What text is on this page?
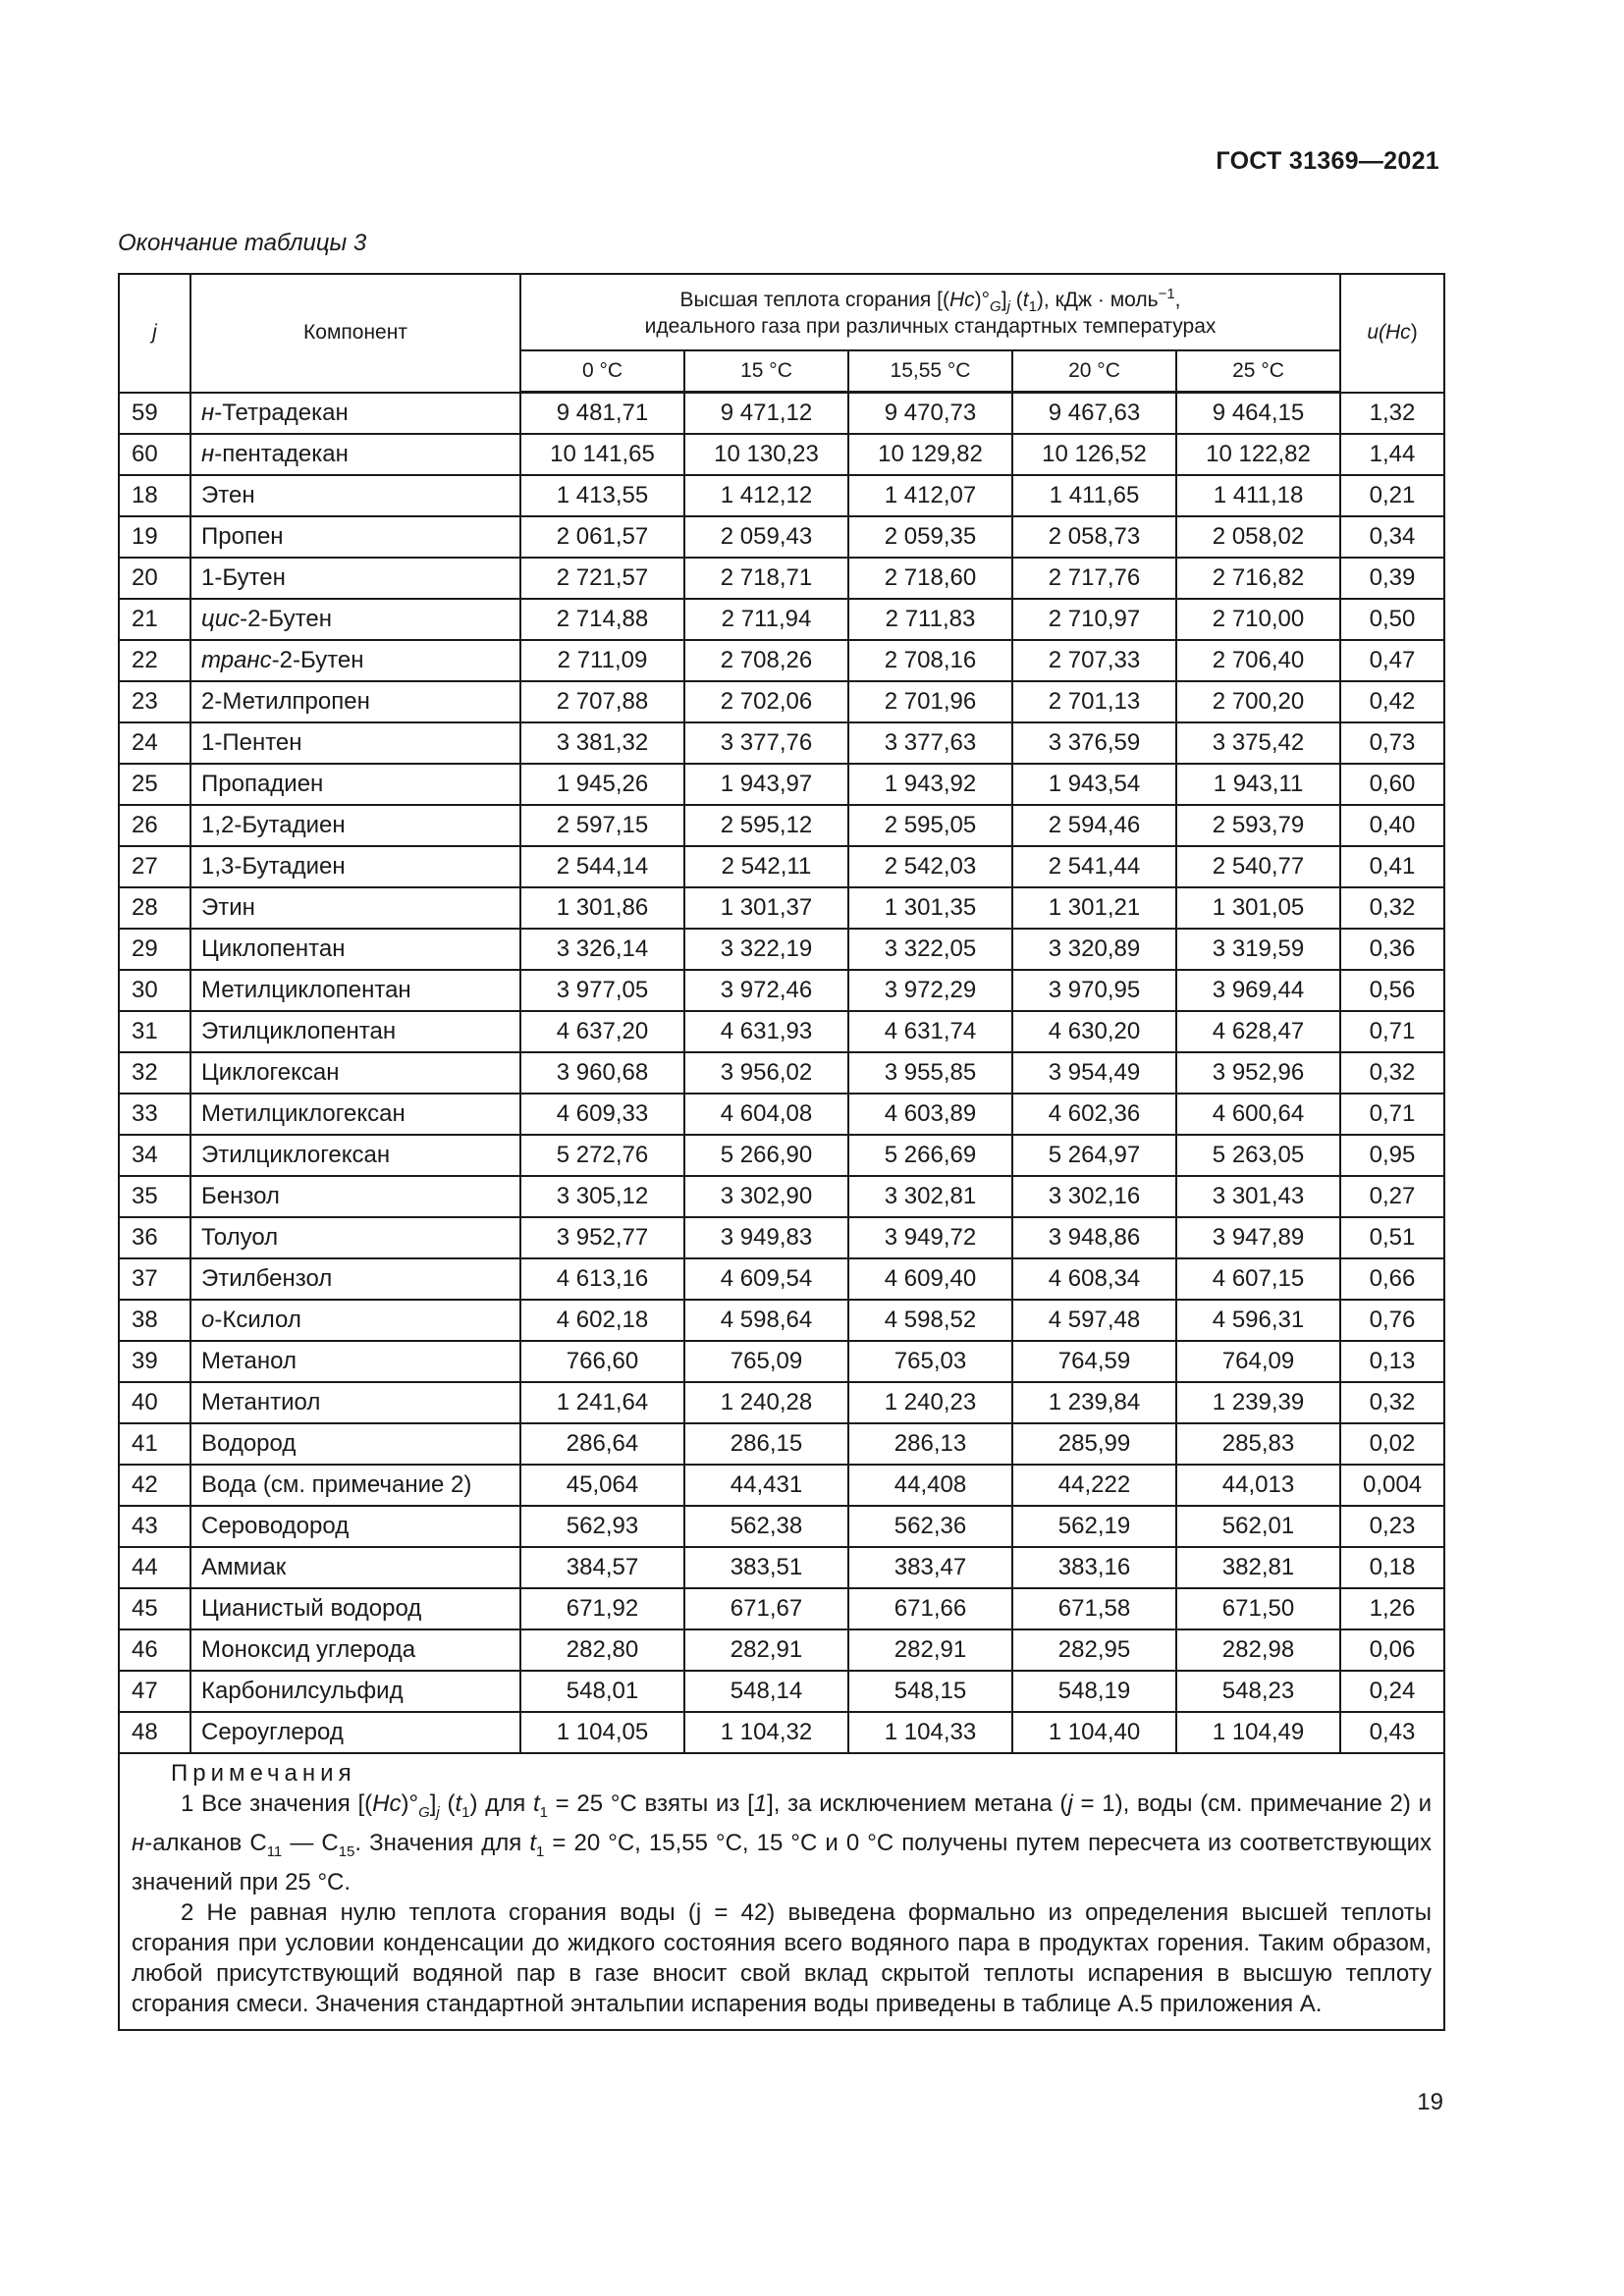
ГОСТ 31369—2021
Окончание таблицы 3
j	Компонент	Высшая теплота сгорания $[(Hc)^\circ_G]_j$ $(t_1)$, кДж · моль$^{-1}$,
идеального газа при различных стандартных температурах					u(Hc)
		0 °C	15 °C	15,55 °C	20 °C	25 °C	
59	н-Тетрадекан	9 481,71	9 471,12	9 470,73	9 467,63	9 464,15	1,32
60	н-пентадекан	10 141,65	10 130,23	10 129,82	10 126,52	10 122,82	1,44
18	Этен	1 413,55	1 412,12	1 412,07	1 411,65	1 411,18	0,21
19	Пропен	2 061,57	2 059,43	2 059,35	2 058,73	2 058,02	0,34
20	1-Бутен	2 721,57	2 718,71	2 718,60	2 717,76	2 716,82	0,39
21	цис-2-Бутен	2 714,88	2 711,94	2 711,83	2 710,97	2 710,00	0,50
22	транс-2-Бутен	2 711,09	2 708,26	2 708,16	2 707,33	2 706,40	0,47
23	2-Метилпропен	2 707,88	2 702,06	2 701,96	2 701,13	2 700,20	0,42
24	1-Пентен	3 381,32	3 377,76	3 377,63	3 376,59	3 375,42	0,73
25	Пропадиен	1 945,26	1 943,97	1 943,92	1 943,54	1 943,11	0,60
26	1,2-Бутадиен	2 597,15	2 595,12	2 595,05	2 594,46	2 593,79	0,40
27	1,3-Бутадиен	2 544,14	2 542,11	2 542,03	2 541,44	2 540,77	0,41
28	Этин	1 301,86	1 301,37	1 301,35	1 301,21	1 301,05	0,32
29	Циклопентан	3 326,14	3 322,19	3 322,05	3 320,89	3 319,59	0,36
30	Метилциклопентан	3 977,05	3 972,46	3 972,29	3 970,95	3 969,44	0,56
31	Этилциклопентан	4 637,20	4 631,93	4 631,74	4 630,20	4 628,47	0,71
32	Циклогексан	3 960,68	3 956,02	3 955,85	3 954,49	3 952,96	0,32
33	Метилциклогексан	4 609,33	4 604,08	4 603,89	4 602,36	4 600,64	0,71
34	Этилциклогексан	5 272,76	5 266,90	5 266,69	5 264,97	5 263,05	0,95
35	Бензол	3 305,12	3 302,90	3 302,81	3 302,16	3 301,43	0,27
36	Толуол	3 952,77	3 949,83	3 949,72	3 948,86	3 947,89	0,51
37	Этилбензол	4 613,16	4 609,54	4 609,40	4 608,34	4 607,15	0,66
38	о-Ксилол	4 602,18	4 598,64	4 598,52	4 597,48	4 596,31	0,76
39	Метанол	766,60	765,09	765,03	764,59	764,09	0,13
40	Метантиол	1 241,64	1 240,28	1 240,23	1 239,84	1 239,39	0,32
41	Водород	286,64	286,15	286,13	285,99	285,83	0,02
42	Вода (см. примечание 2)	45,064	44,431	44,408	44,222	44,013	0,004
43	Сероводород	562,93	562,38	562,36	562,19	562,01	0,23
44	Аммиак	384,57	383,51	383,47	383,16	382,81	0,18
45	Цианистый водород	671,92	671,67	671,66	671,58	671,50	1,26
46	Моноксид углерода	282,80	282,91	282,91	282,95	282,98	0,06
47	Карбонилсульфид	548,01	548,14	548,15	548,19	548,23	0,24
48	Сероуглерод	1 104,05	1 104,32	1 104,33	1 104,40	1 104,49	0,43

Примечания

1 Все значения $[(Hc)^\circ_G]_j$ $(t_1)$ для $t_1 = 25$ °C взяты из [1], за исключением метана (j = 1), воды (см. примечание 2) и н-алканов $C_{11}$ — $C_{15}$. Значения для $t_1 = 20$ °C, 15,55 °C, 15 °C и 0 °C получены путем пересчета из соответствующих значений при 25 °C.

2 Не равная нулю теплота сгорания воды (j = 42) выведена формально из определения высшей теплоты сгорания при условии конденсации до жидкого состояния всего водяного пара в продуктах горения. Таким образом, любой присутствующий водяной пар в газе вносит свой вклад скрытой теплоты испарения в высшую теплоту сгорания смеси. Значения стандартной энтальпии испарения воды приведены в таблице А.5 приложения А.							

19
